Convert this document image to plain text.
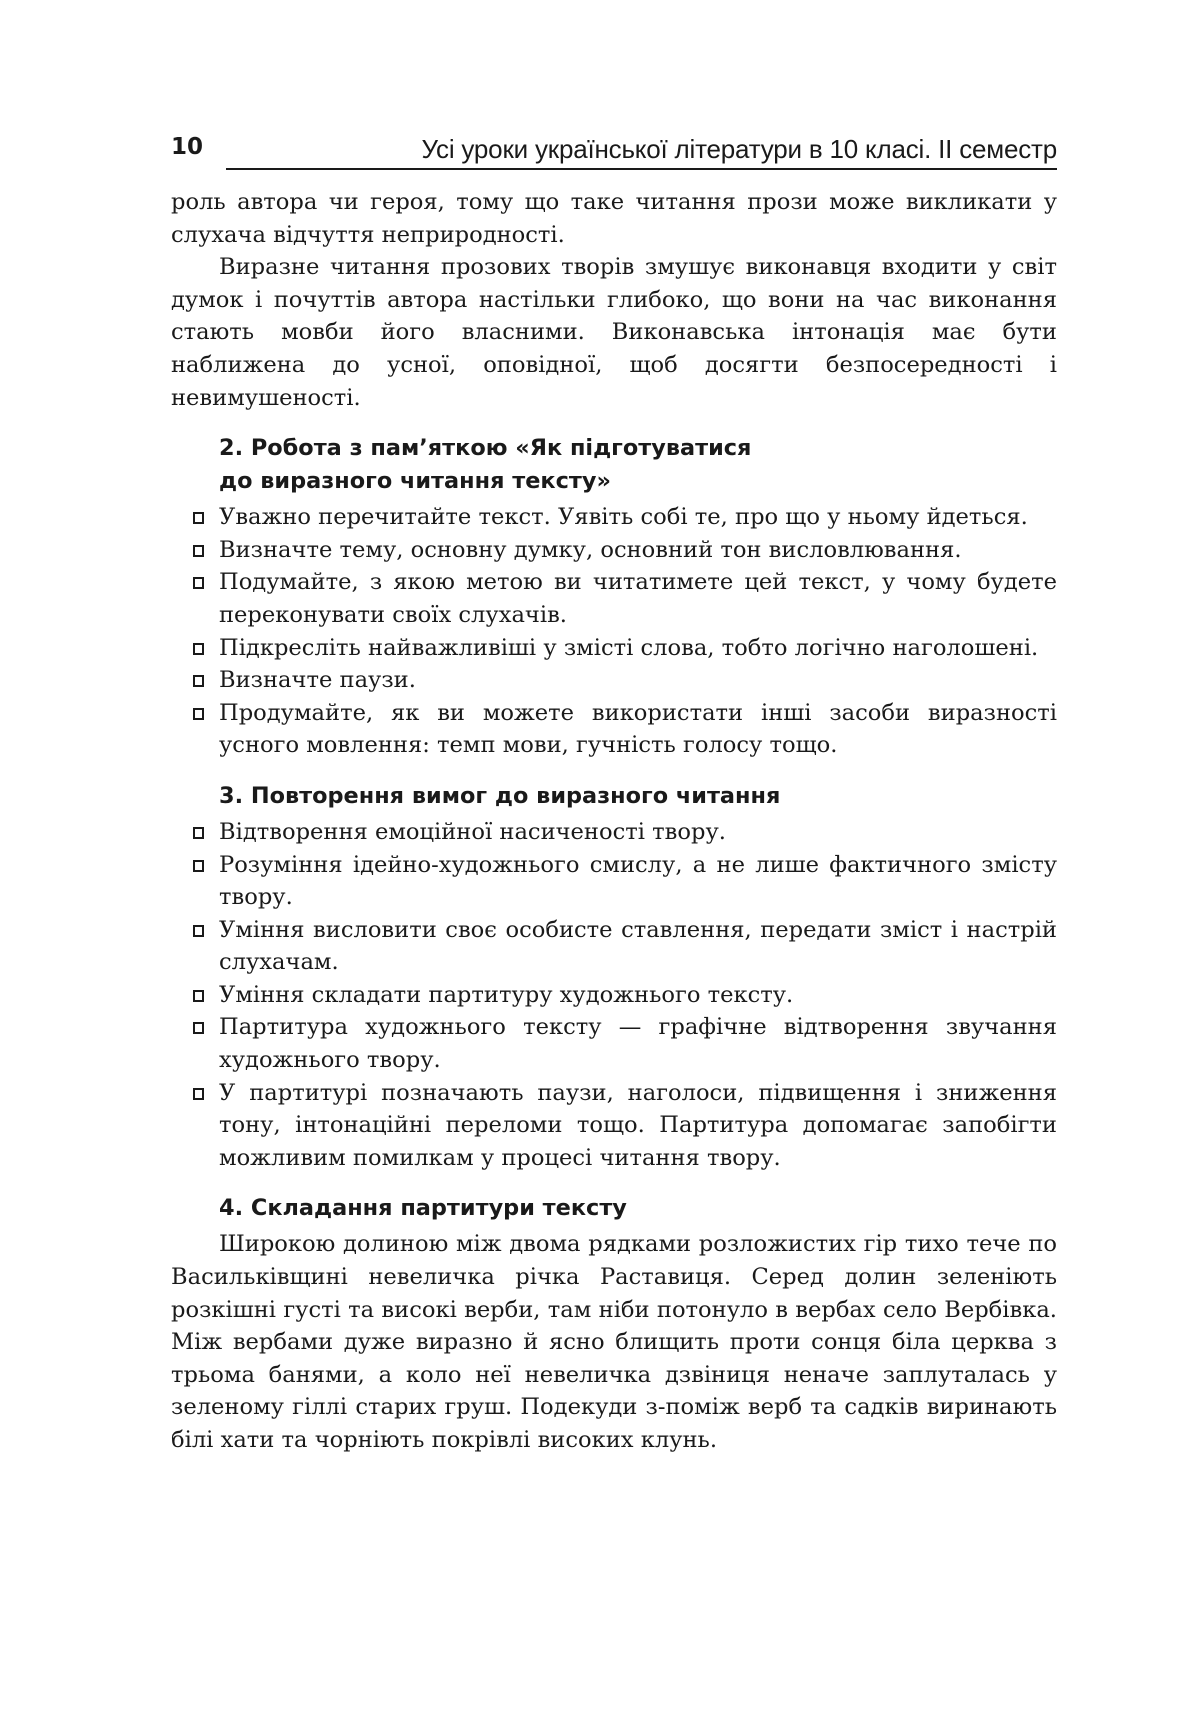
10	Усі уроки української літератури в 10 класі. ІІ семестр

роль автора чи героя, тому що таке читання прози може викликати у слухача відчуття неприродності.

Виразне читання прозових творів змушує виконавця входити у світ думок і почуттів автора настільки глибоко, що вони на час виконання стають мовби його власними. Виконавська інтонація має бути наближена до усної, оповідної, щоб досягти безпосередності і невимушеності.

2. Робота з пам’яткою «Як підготуватися
до виразного читання тексту»
Уважно перечитайте текст. Уявіть собі те, про що у ньому йдеться.
Визначте тему, основну думку, основний тон висловлювання.
Подумайте, з якою метою ви читатимете цей текст, у чому будете переконувати своїх слухачів.
Підкресліть найважливіші у змісті слова, тобто логічно наголошені.
Визначте паузи.
Продумайте, як ви можете використати інші засоби виразності усного мовлення: темп мови, гучність голосу тощо.
3. Повторення вимог до виразного читання
Відтворення емоційної насиченості твору.
Розуміння ідейно-художнього смислу, а не лише фактичного змісту твору.
Уміння висловити своє особисте ставлення, передати зміст і настрій слухачам.
Уміння складати партитуру художнього тексту.
Партитура художнього тексту — графічне відтворення звучання художнього твору.
У партитурі позначають паузи, наголоси, підвищення і зниження тону, інтонаційні переломи тощо. Партитура допомагає запобігти можливим помилкам у процесі читання твору.
4. Складання партитури тексту

Широкою долиною між двома рядками розложистих гір тихо тече по Васильківщині невеличка річка Раставиця. Серед долин зеленіють розкішні густі та високі верби, там ніби потонуло в вербах село Вербівка. Між вербами дуже виразно й ясно блищить проти сонця біла церква з трьома банями, а коло неї невеличка дзвіниця неначе заплуталась у зеленому гіллі старих груш. Подекуди з-поміж верб та садків виринають білі хати та чорніють покрівлі високих клунь.
